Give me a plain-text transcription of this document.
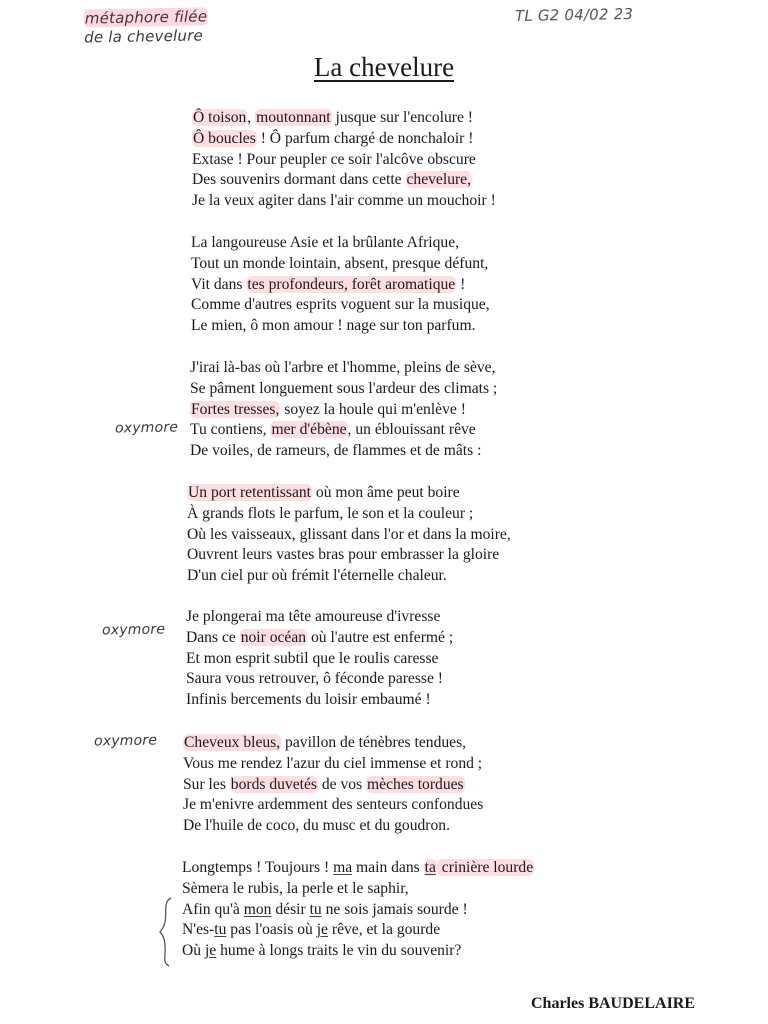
métaphore filée
de la chevelure
TL G2 04/02 23
oxymore
oxymore
oxymore
La chevelure
Ô toison, moutonnant jusque sur l'encolure !
Ô boucles ! Ô parfum chargé de nonchaloir !
Extase ! Pour peupler ce soir l'alcôve obscure
Des souvenirs dormant dans cette chevelure,
Je la veux agiter dans l'air comme un mouchoir !
La langoureuse Asie et la brûlante Afrique,
Tout un monde lointain, absent, presque défunt,
Vit dans tes profondeurs, forêt aromatique !
Comme d'autres esprits voguent sur la musique,
Le mien, ô mon amour ! nage sur ton parfum.
J'irai là-bas où l'arbre et l'homme, pleins de sève,
Se pâment longuement sous l'ardeur des climats ;
Fortes tresses, soyez la houle qui m'enlève !
Tu contiens, mer d'ébène, un éblouissant rêve
De voiles, de rameurs, de flammes et de mâts :
Un port retentissant où mon âme peut boire
À grands flots le parfum, le son et la couleur ;
Où les vaisseaux, glissant dans l'or et dans la moire,
Ouvrent leurs vastes bras pour embrasser la gloire
D'un ciel pur où frémit l'éternelle chaleur.
Je plongerai ma tête amoureuse d'ivresse
Dans ce noir océan où l'autre est enfermé ;
Et mon esprit subtil que le roulis caresse
Saura vous retrouver, ô féconde paresse !
Infinis bercements du loisir embaumé !
Cheveux bleus, pavillon de ténèbres tendues,
Vous me rendez l'azur du ciel immense et rond ;
Sur les bords duvetés de vos mèches tordues
Je m'enivre ardemment des senteurs confondues
De l'huile de coco, du musc et du goudron.
Longtemps ! Toujours ! ma main dans ta crinière lourde
Sèmera le rubis, la perle et le saphir,
Afin qu'à mon désir tu ne sois jamais sourde !
N'es-tu pas l'oasis où je rêve, et la gourde
Où je hume à longs traits le vin du souvenir?
Charles BAUDELAIRE
